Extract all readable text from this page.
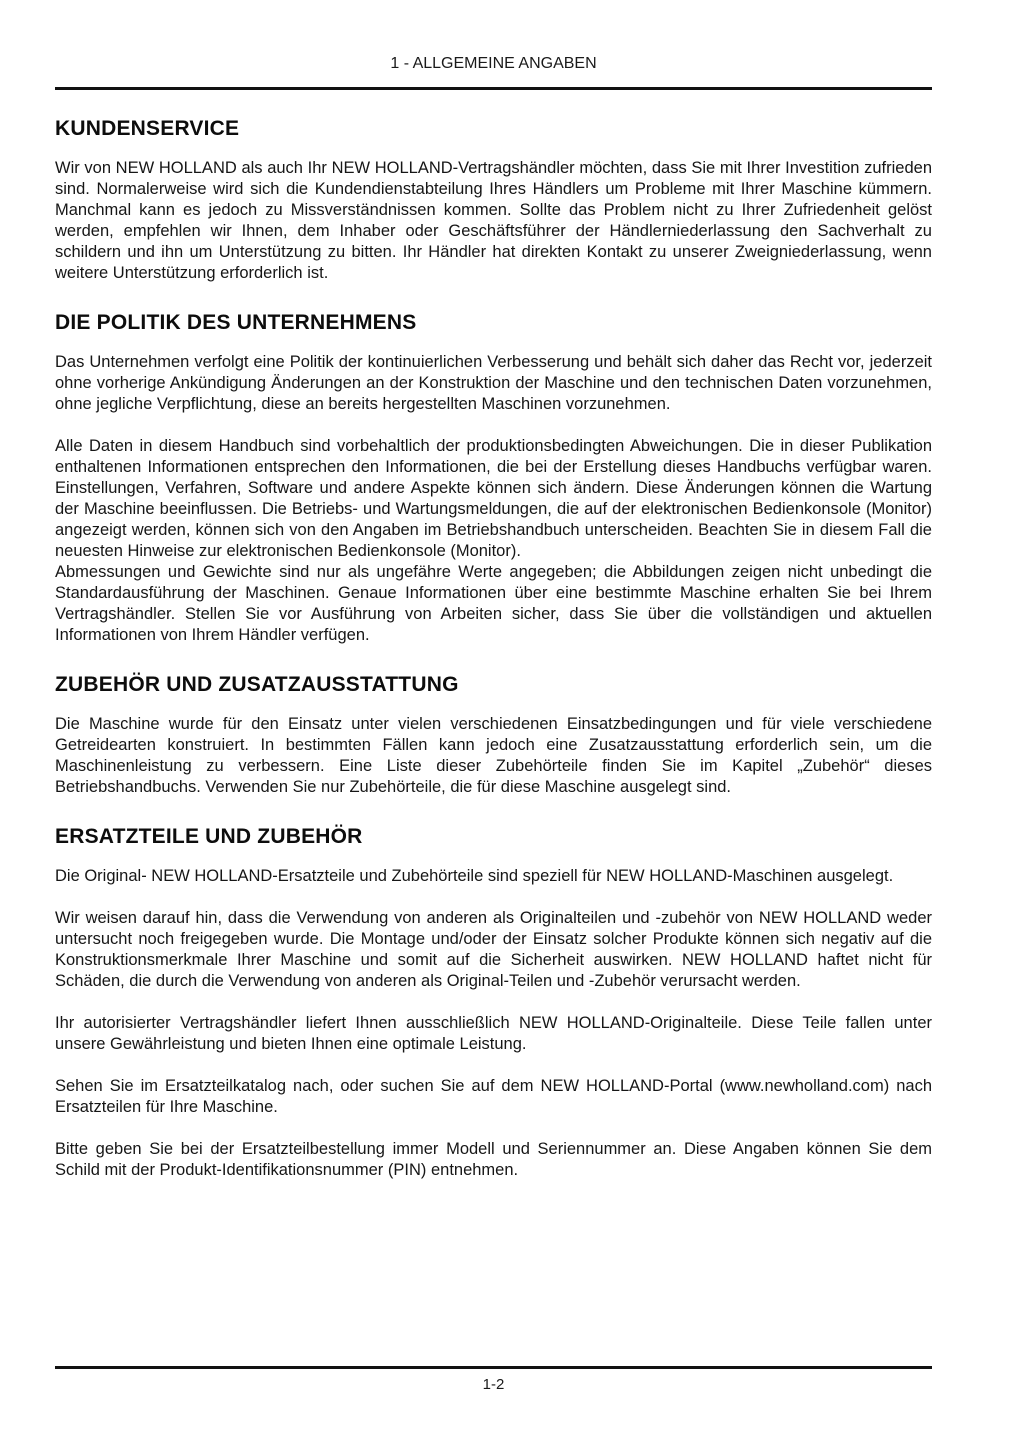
1 - ALLGEMEINE ANGABEN
KUNDENSERVICE

Wir von NEW HOLLAND als auch Ihr NEW HOLLAND-Vertragshändler möchten, dass Sie mit Ihrer Investition zufrieden sind. Normalerweise wird sich die Kundendienstabteilung Ihres Händlers um Probleme mit Ihrer Maschine kümmern. Manchmal kann es jedoch zu Missverständnissen kommen. Sollte das Problem nicht zu Ihrer Zufriedenheit gelöst werden, empfehlen wir Ihnen, dem Inhaber oder Geschäftsführer der Händlerniederlassung den Sachverhalt zu schildern und ihn um Unterstützung zu bitten. Ihr Händler hat direkten Kontakt zu unserer Zweigniederlassung, wenn weitere Unterstützung erforderlich ist.

DIE POLITIK DES UNTERNEHMENS

Das Unternehmen verfolgt eine Politik der kontinuierlichen Verbesserung und behält sich daher das Recht vor, jederzeit ohne vorherige Ankündigung Änderungen an der Konstruktion der Maschine und den technischen Daten vorzunehmen, ohne jegliche Verpflichtung, diese an bereits hergestellten Maschinen vorzunehmen.

Alle Daten in diesem Handbuch sind vorbehaltlich der produktionsbedingten Abweichungen. Die in dieser Publikation enthaltenen Informationen entsprechen den Informationen, die bei der Erstellung dieses Handbuchs verfügbar waren. Einstellungen, Verfahren, Software und andere Aspekte können sich ändern. Diese Änderungen können die Wartung der Maschine beeinflussen. Die Betriebs- und Wartungsmeldungen, die auf der elektronischen Bedienkonsole (Monitor) angezeigt werden, können sich von den Angaben im Betriebshandbuch unterscheiden. Beachten Sie in diesem Fall die neuesten Hinweise zur elektronischen Bedienkonsole (Monitor).

Abmessungen und Gewichte sind nur als ungefähre Werte angegeben; die Abbildungen zeigen nicht unbedingt die Standardausführung der Maschinen. Genaue Informationen über eine bestimmte Maschine erhalten Sie bei Ihrem Vertragshändler. Stellen Sie vor Ausführung von Arbeiten sicher, dass Sie über die vollständigen und aktuellen Informationen von Ihrem Händler verfügen.

ZUBEHÖR UND ZUSATZAUSSTATTUNG

Die Maschine wurde für den Einsatz unter vielen verschiedenen Einsatzbedingungen und für viele verschiedene Getreidearten konstruiert. In bestimmten Fällen kann jedoch eine Zusatzausstattung erforderlich sein, um die Maschinenleistung zu verbessern. Eine Liste dieser Zubehörteile finden Sie im Kapitel „Zubehör“ dieses Betriebshandbuchs. Verwenden Sie nur Zubehörteile, die für diese Maschine ausgelegt sind.

ERSATZTEILE UND ZUBEHÖR

Die Original- NEW HOLLAND-Ersatzteile und Zubehörteile sind speziell für NEW HOLLAND-Maschinen ausgelegt.

Wir weisen darauf hin, dass die Verwendung von anderen als Originalteilen und -zubehör von NEW HOLLAND weder untersucht noch freigegeben wurde. Die Montage und/oder der Einsatz solcher Produkte können sich negativ auf die Konstruktionsmerkmale Ihrer Maschine und somit auf die Sicherheit auswirken. NEW HOLLAND haftet nicht für Schäden, die durch die Verwendung von anderen als Original-Teilen und -Zubehör verursacht werden.

Ihr autorisierter Vertragshändler liefert Ihnen ausschließlich NEW HOLLAND-Originalteile. Diese Teile fallen unter unsere Gewährleistung und bieten Ihnen eine optimale Leistung.

Sehen Sie im Ersatzteilkatalog nach, oder suchen Sie auf dem NEW HOLLAND-Portal (www.newholland.com) nach Ersatzteilen für Ihre Maschine.

Bitte geben Sie bei der Ersatzteilbestellung immer Modell und Seriennummer an. Diese Angaben können Sie dem Schild mit der Produkt-Identifikationsnummer (PIN) entnehmen.

1-2
